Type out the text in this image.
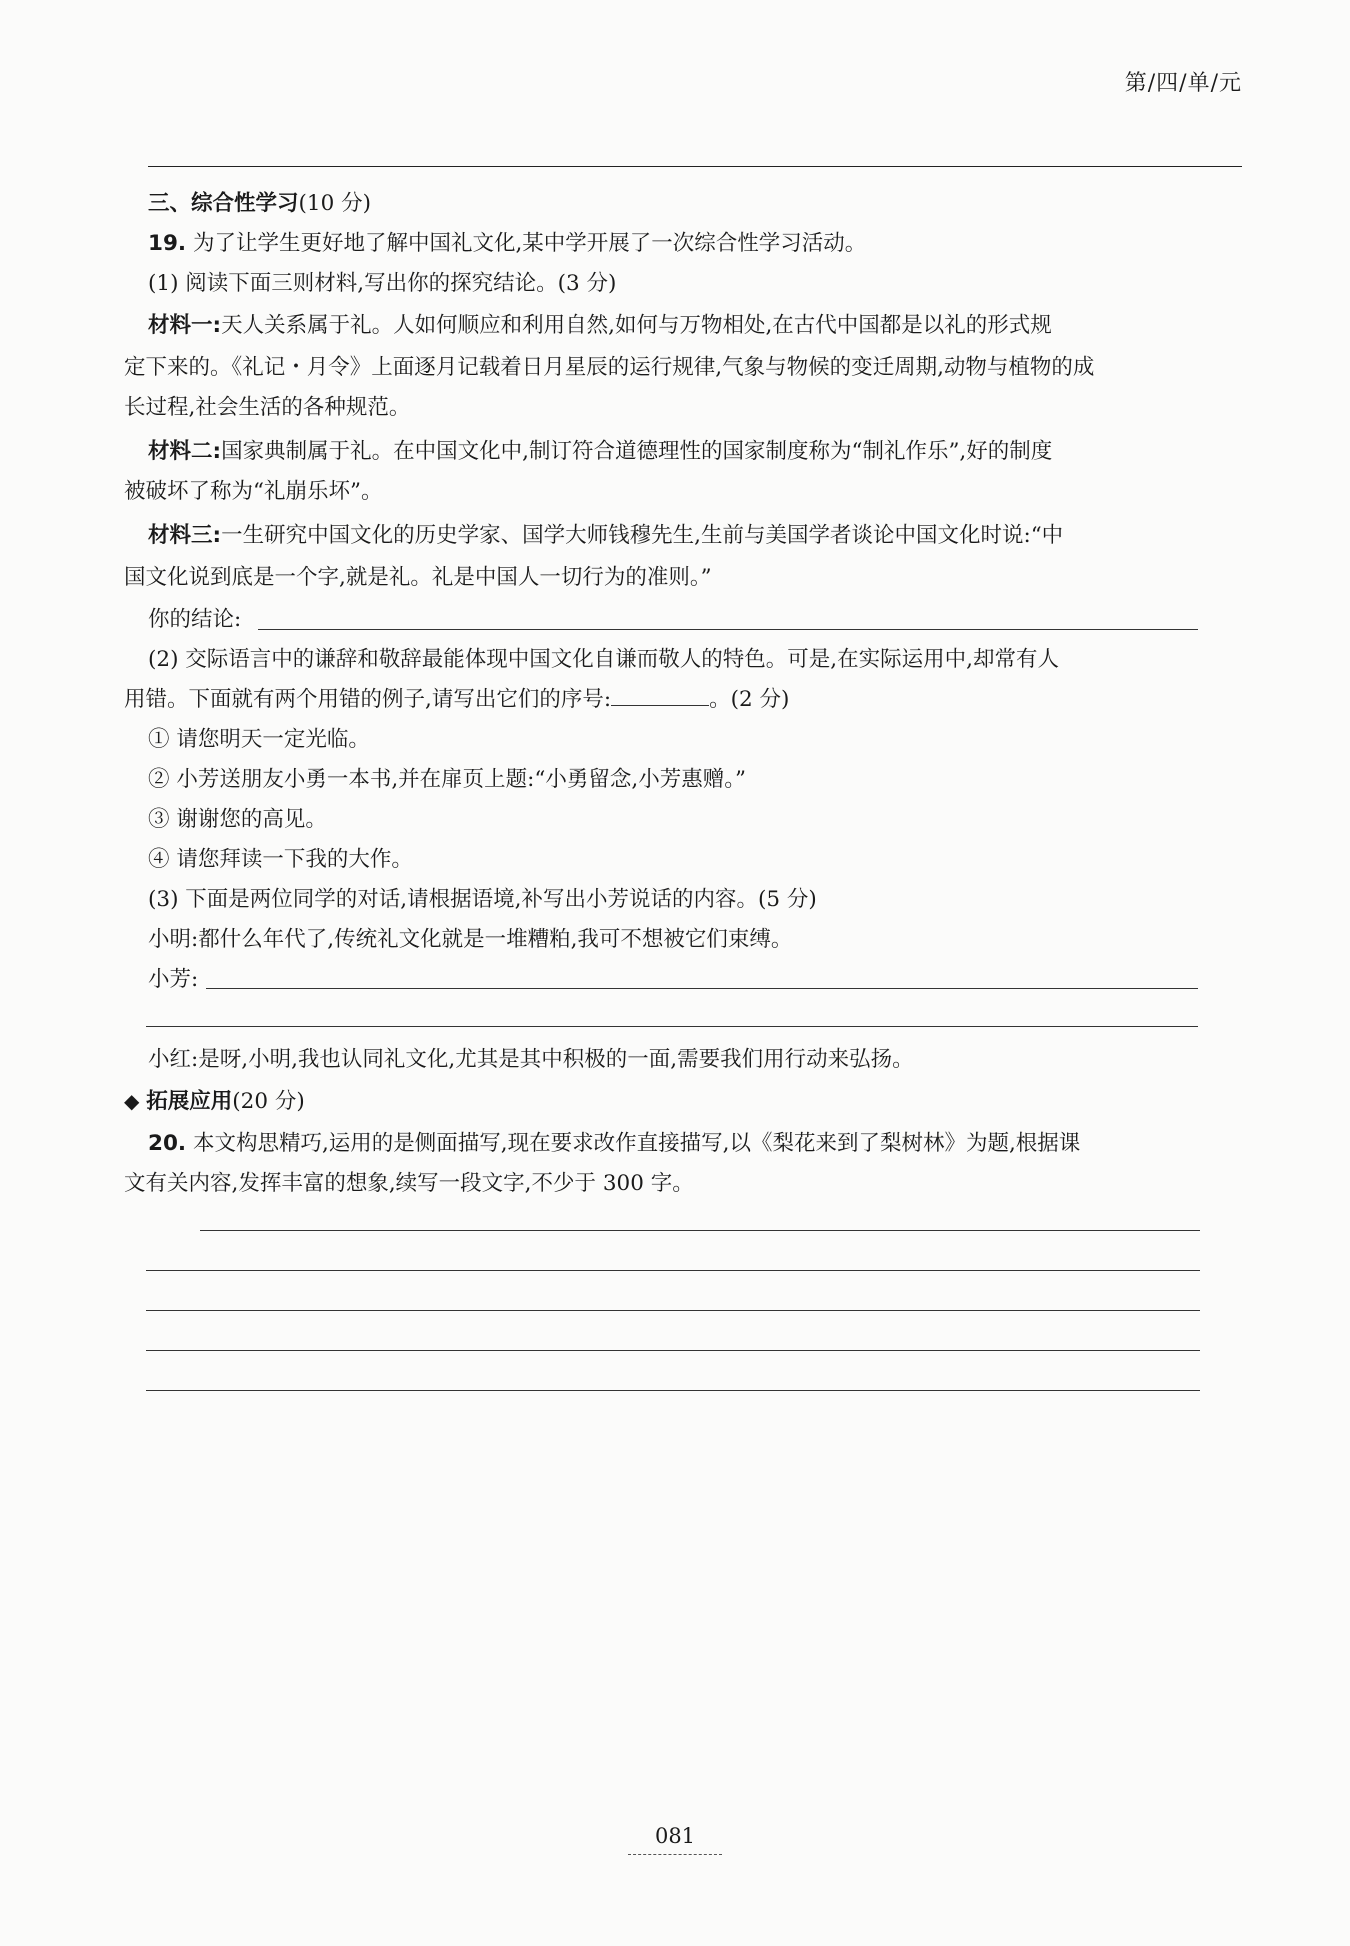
第/四/单/元
三、综合性学习(10 分)
19. 为了让学生更好地了解中国礼文化,某中学开展了一次综合性学习活动。
(1) 阅读下面三则材料,写出你的探究结论。(3 分)
材料一:天人关系属于礼。人如何顺应和利用自然,如何与万物相处,在古代中国都是以礼的形式规
定下来的。《礼记・月令》上面逐月记载着日月星辰的运行规律,气象与物候的变迁周期,动物与植物的成
长过程,社会生活的各种规范。
材料二:国家典制属于礼。在中国文化中,制订符合道德理性的国家制度称为“制礼作乐”,好的制度
被破坏了称为“礼崩乐坏”。
材料三:一生研究中国文化的历史学家、国学大师钱穆先生,生前与美国学者谈论中国文化时说:“中
国文化说到底是一个字,就是礼。礼是中国人一切行为的准则。”
你的结论:
(2) 交际语言中的谦辞和敬辞最能体现中国文化自谦而敬人的特色。可是,在实际运用中,却常有人
用错。下面就有两个用错的例子,请写出它们的序号:	。(2 分)
① 请您明天一定光临。
② 小芳送朋友小勇一本书,并在扉页上题:“小勇留念,小芳惠赠。”
③ 谢谢您的高见。
④ 请您拜读一下我的大作。
(3) 下面是两位同学的对话,请根据语境,补写出小芳说话的内容。(5 分)
小明:都什么年代了,传统礼文化就是一堆糟粕,我可不想被它们束缚。
小芳:
小红:是呀,小明,我也认同礼文化,尤其是其中积极的一面,需要我们用行动来弘扬。
◆ 拓展应用(20 分)
20. 本文构思精巧,运用的是侧面描写,现在要求改作直接描写,以《梨花来到了梨树林》为题,根据课
文有关内容,发挥丰富的想象,续写一段文字,不少于 300 字。
081
